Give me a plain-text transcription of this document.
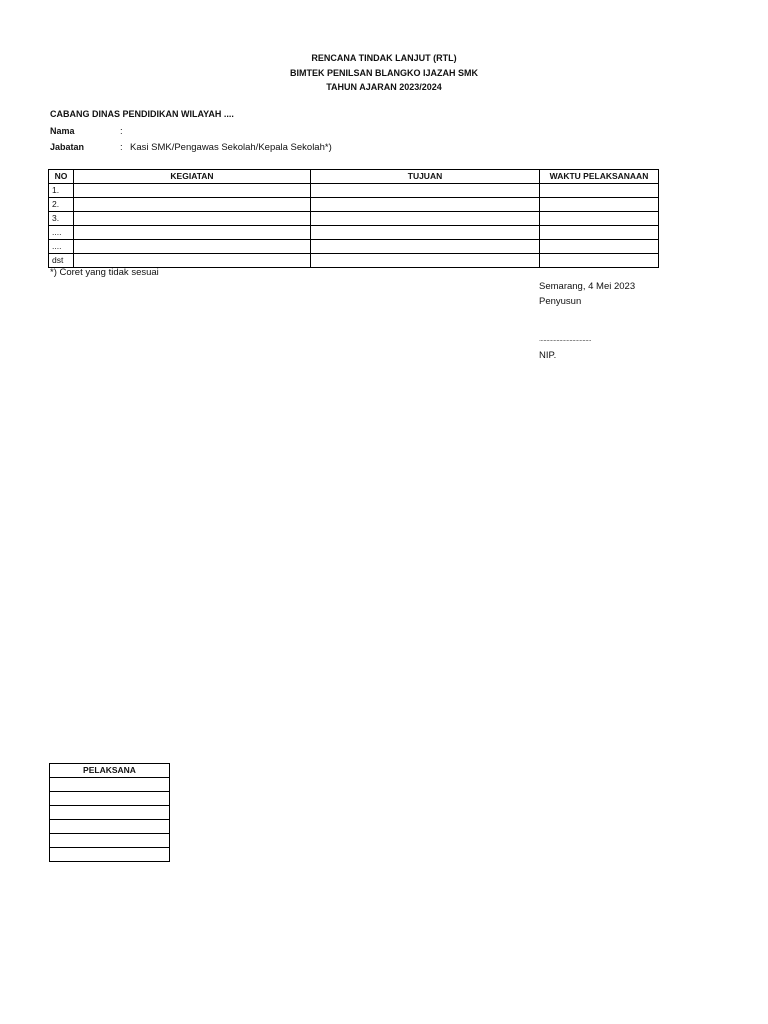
RENCANA TINDAK LANJUT (RTL)
BIMTEK PENILSAN BLANGKO IJAZAH SMK
TAHUN AJARAN 2023/2024
CABANG DINAS PENDIDIKAN WILAYAH ....
Nama	:
Jabatan	: Kasi SMK/Pengawas Sekolah/Kepala Sekolah*)
NO	KEGIATAN	TUJUAN	WAKTU PELAKSANAAN
1.			
2.			
3.			
....			
....			
dst			
*) Coret yang tidak sesuai
Semarang, 4 Mei 2023
Penyusun
....................................
NIP.
PELAKSANA
